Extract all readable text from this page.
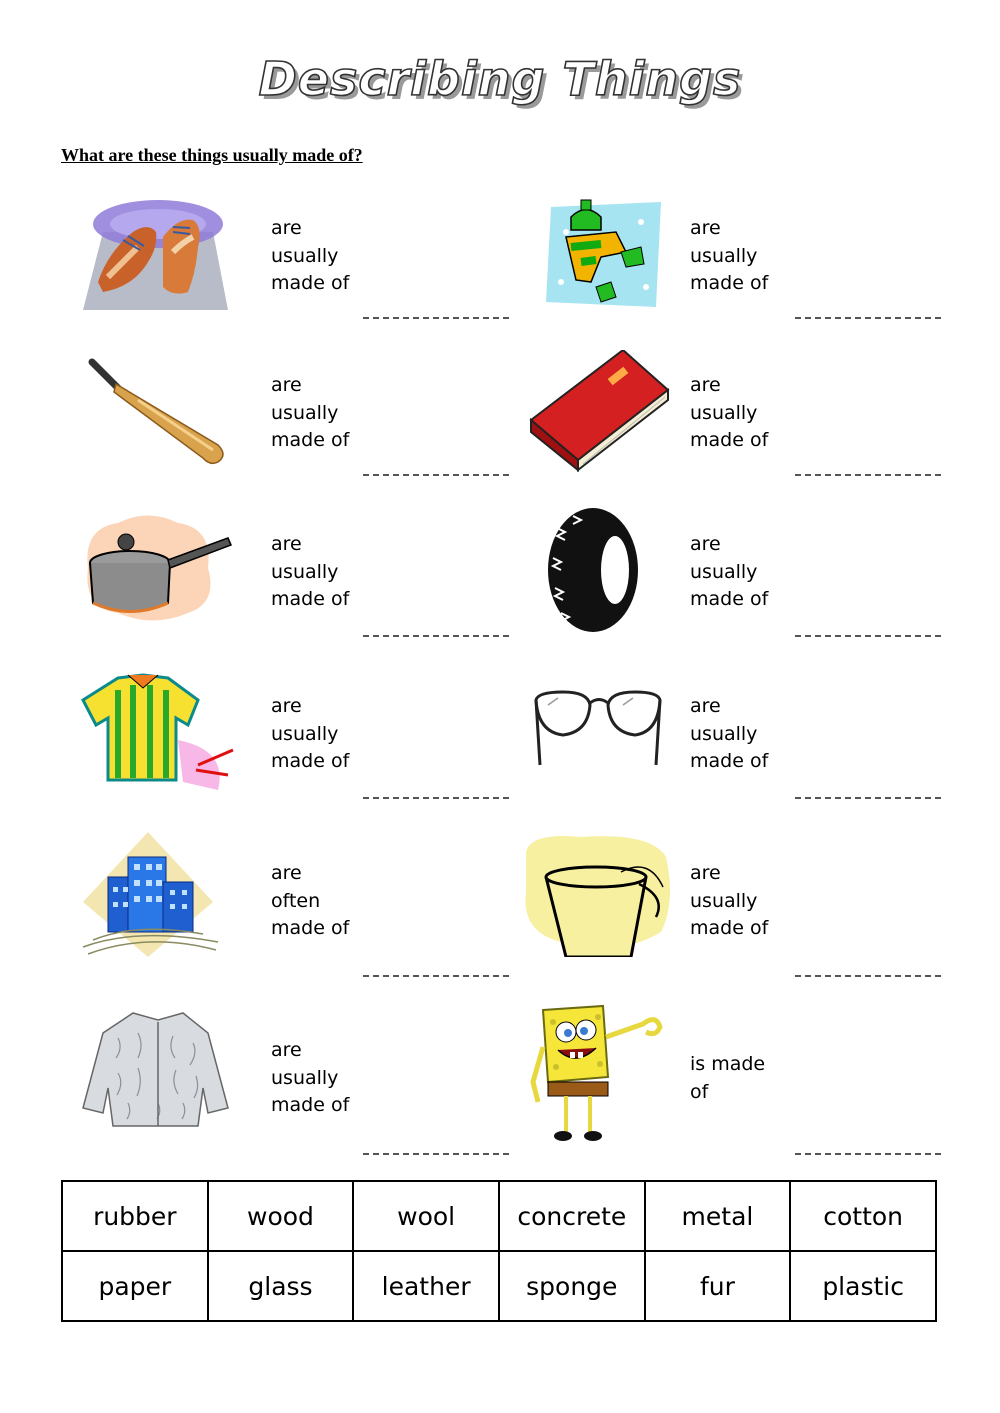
Describing Things
What are these things usually made of?
are
usually
made of
are
usually
made of
are
usually
made of
are
usually
made of
are
usually
made of
are
usually
made of
are
usually
made of
are
usually
made of
are
often
made of
are
usually
made of
are
usually
made of
is made
of
rubber	wood	wool	concrete	metal	cotton
paper	glass	leather	sponge	fur	plastic
